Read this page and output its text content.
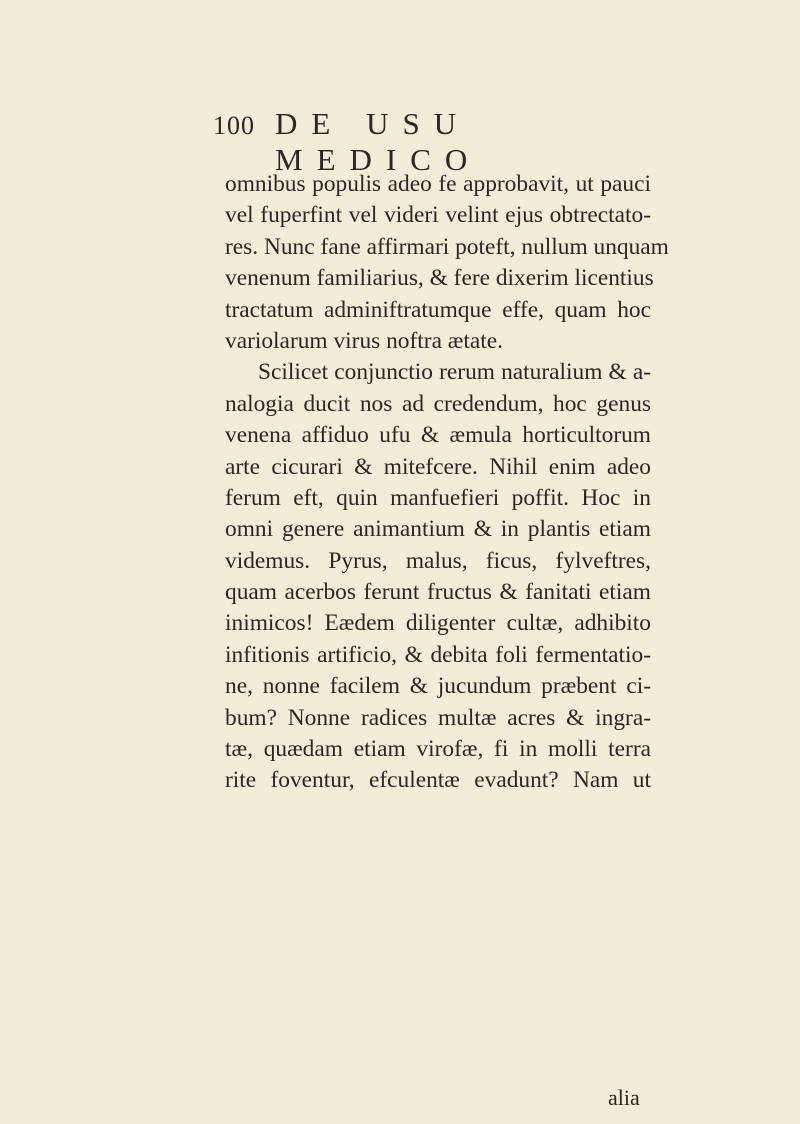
100 DE USU MEDICO
omnibus populis adeo fe approbavit, ut pauci
vel fuperfint vel videri velint ejus obtrectato-
res. Nunc fane affirmari poteft, nullum unquam
venenum familiarius, & fere dixerim licentius
tractatum adminiftratumque effe, quam hoc
variolarum virus noftra ætate.
Scilicet conjunctio rerum naturalium & a-
nalogia ducit nos ad credendum, hoc genus
venena affiduo ufu & æmula horticultorum
arte cicurari & mitefcere. Nihil enim adeo
ferum eft, quin manfuefieri poffit. Hoc in
omni genere animantium & in plantis etiam
videmus. Pyrus, malus, ficus, fylveftres,
quam acerbos ferunt fructus & fanitati etiam
inimicos! Eædem diligenter cultæ, adhibito
infitionis artificio, & debita foli fermentatio-
ne, nonne facilem & jucundum præbent ci-
bum? Nonne radices multæ acres & ingra-
tæ, quædam etiam virofæ, fi in molli terra
rite foventur, efculentæ evadunt? Nam ut
alia
